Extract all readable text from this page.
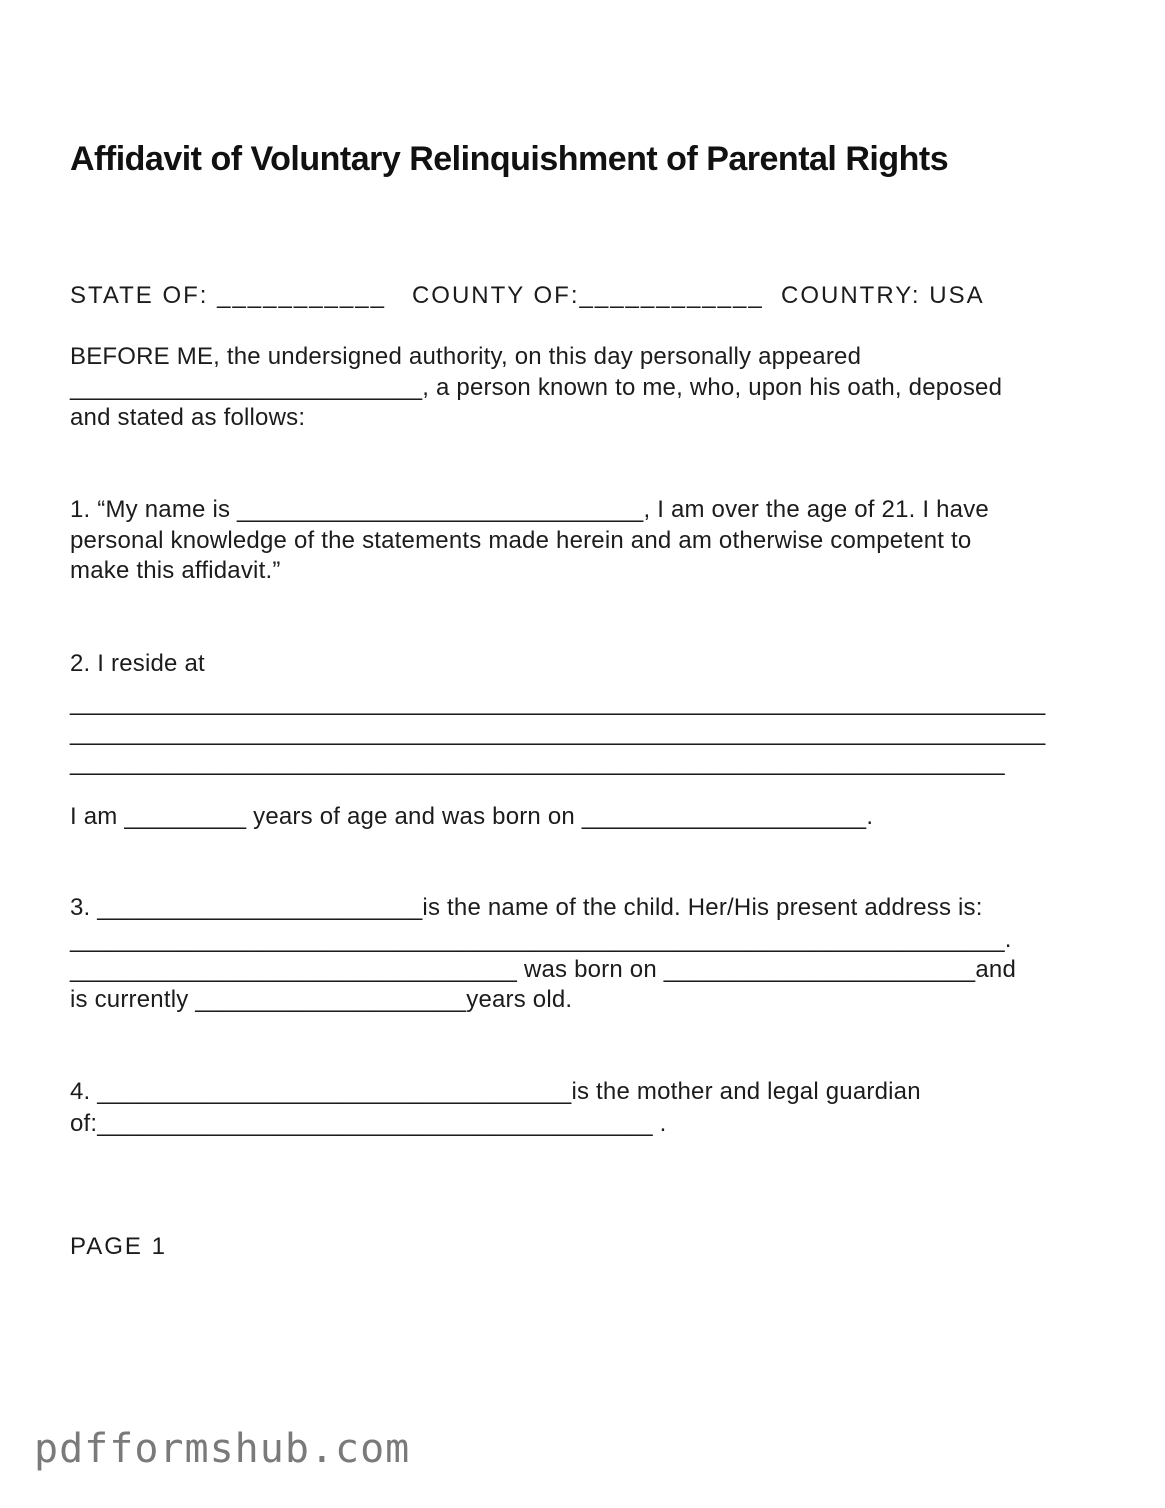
Affidavit of Voluntary Relinquishment of Parental Rights
STATE OF: ___________   COUNTY OF:____________  COUNTRY: USA
BEFORE ME, the undersigned authority, on this day personally appeared
__________________________, a person known to me, who, upon his oath, deposed
and stated as follows:
1. “My name is ______________________________, I am over the age of 21. I have
personal knowledge of the statements made herein and am otherwise competent to
make this affidavit.”
2. I reside at
________________________________________________________________________
________________________________________________________________________
_____________________________________________________________________
I am _________ years of age and was born on _____________________.
3. ________________________is the name of the child. Her/His present address is:
_____________________________________________________________________.
_________________________________ was born on _______________________and
is currently ____________________years old.
4. ___________________________________is the mother and legal guardian
of:_________________________________________ .
PAGE 1
pdfformshub.com
